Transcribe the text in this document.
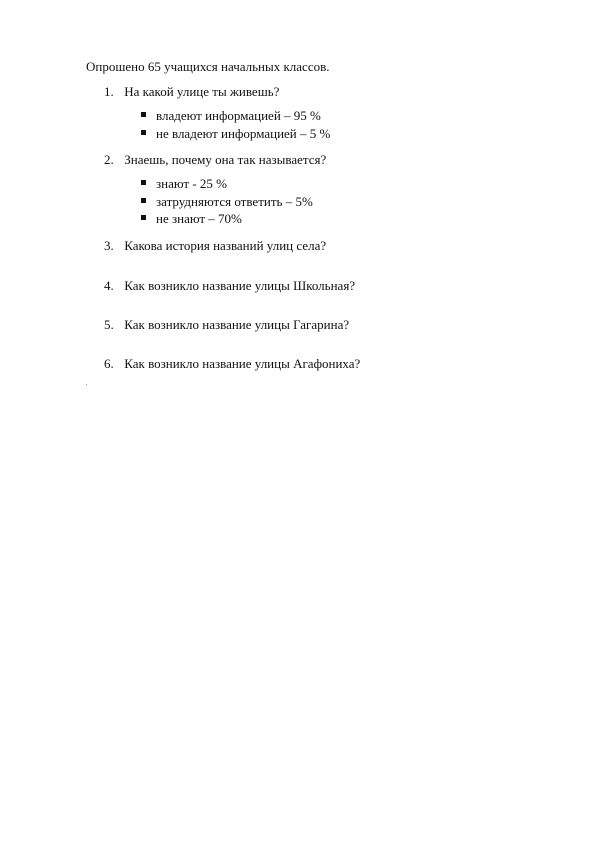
Опрошено 65 учащихся начальных классов.
1. На какой улице ты живешь?
владеют информацией – 95 %
не владеют информацией – 5 %
2. Знаешь, почему она так называется?
знают - 25 %
затрудняются ответить – 5%
не знают – 70%
3. Какова история названий улиц села?
4. Как возникло название улицы Школьная?
5. Как возникло название улицы Гагарина?
6. Как возникло название улицы Агафониха?
